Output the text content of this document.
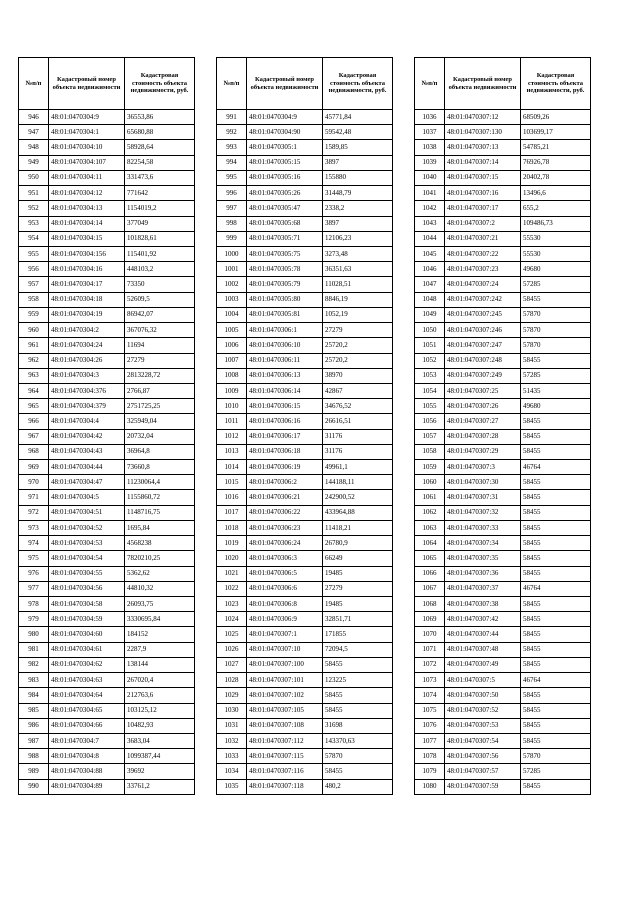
№п/п	Кадастровый номер объекта недвижимости	Кадастровая стоимость объекта недвижимости, руб.
946	48:01:0470304:9	36553,86
947	48:01:0470304:1	65680,88
948	48:01:0470304:10	58928,64
949	48:01:0470304:107	82254,58
950	48:01:0470304:11	331473,6
951	48:01:0470304:12	771642
952	48:01:0470304:13	1154019,2
953	48:01:0470304:14	377049
954	48:01:0470304:15	101828,61
955	48:01:0470304:156	115401,92
956	48:01:0470304:16	448103,2
957	48:01:0470304:17	73350
958	48:01:0470304:18	52609,5
959	48:01:0470304:19	86942,07
960	48:01:0470304:2	367076,32
961	48:01:0470304:24	11694
962	48:01:0470304:26	27279
963	48:01:0470304:3	2813228,72
964	48:01:0470304:376	2766,87
965	48:01:0470304:379	2751725,25
966	48:01:0470304:4	325949,04
967	48:01:0470304:42	20732,04
968	48:01:0470304:43	36964,8
969	48:01:0470304:44	73660,8
970	48:01:0470304:47	11230064,4
971	48:01:0470304:5	1155860,72
972	48:01:0470304:51	1148716,75
973	48:01:0470304:52	1695,84
974	48:01:0470304:53	4568238
975	48:01:0470304:54	7820210,25
976	48:01:0470304:55	5362,62
977	48:01:0470304:56	44810,32
978	48:01:0470304:58	26093,75
979	48:01:0470304:59	3330695,84
980	48:01:0470304:60	184152
981	48:01:0470304:61	2287,9
982	48:01:0470304:62	138144
983	48:01:0470304:63	267020,4
984	48:01:0470304:64	212763,6
985	48:01:0470304:65	103125,12
986	48:01:0470304:66	10482,93
987	48:01:0470304:7	3683,04
988	48:01:0470304:8	1099387,44
989	48:01:0470304:88	39692
990	48:01:0470304:89	33761,2
№п/п	Кадастровый номер объекта недвижимости	Кадастровая стоимость объекта недвижимости, руб.
991	48:01:0470304:9	45771,84
992	48:01:0470304:90	59542,48
993	48:01:0470305:1	1589,85
994	48:01:0470305:15	3897
995	48:01:0470305:16	155880
996	48:01:0470305:26	31448,79
997	48:01:0470305:47	2338,2
998	48:01:0470305:68	3897
999	48:01:0470305:71	12106,23
1000	48:01:0470305:75	3273,48
1001	48:01:0470305:78	36351,63
1002	48:01:0470305:79	11028,51
1003	48:01:0470305:80	8846,19
1004	48:01:0470305:81	1052,19
1005	48:01:0470306:1	27279
1006	48:01:0470306:10	25720,2
1007	48:01:0470306:11	25720,2
1008	48:01:0470306:13	38970
1009	48:01:0470306:14	42867
1010	48:01:0470306:15	34676,52
1011	48:01:0470306:16	26616,51
1012	48:01:0470306:17	31176
1013	48:01:0470306:18	31176
1014	48:01:0470306:19	49961,1
1015	48:01:0470306:2	144188,11
1016	48:01:0470306:21	242900,52
1017	48:01:0470306:22	433964,88
1018	48:01:0470306:23	11418,21
1019	48:01:0470306:24	26780,9
1020	48:01:0470306:3	66249
1021	48:01:0470306:5	19485
1022	48:01:0470306:6	27279
1023	48:01:0470306:8	19485
1024	48:01:0470306:9	32851,71
1025	48:01:0470307:1	171855
1026	48:01:0470307:10	72094,5
1027	48:01:0470307:100	58455
1028	48:01:0470307:101	123225
1029	48:01:0470307:102	58455
1030	48:01:0470307:105	58455
1031	48:01:0470307:108	31698
1032	48:01:0470307:112	143370,63
1033	48:01:0470307:115	57870
1034	48:01:0470307:116	58455
1035	48:01:0470307:118	480,2
№п/п	Кадастровый номер объекта недвижимости	Кадастровая стоимость объекта недвижимости, руб.
1036	48:01:0470307:12	68509,26
1037	48:01:0470307:130	103699,17
1038	48:01:0470307:13	54785,21
1039	48:01:0470307:14	76926,78
1040	48:01:0470307:15	20402,78
1041	48:01:0470307:16	13496,6
1042	48:01:0470307:17	655,2
1043	48:01:0470307:2	109486,73
1044	48:01:0470307:21	55530
1045	48:01:0470307:22	55530
1046	48:01:0470307:23	49680
1047	48:01:0470307:24	57285
1048	48:01:0470307:242	58455
1049	48:01:0470307:245	57870
1050	48:01:0470307:246	57870
1051	48:01:0470307:247	57870
1052	48:01:0470307:248	58455
1053	48:01:0470307:249	57285
1054	48:01:0470307:25	51435
1055	48:01:0470307:26	49680
1056	48:01:0470307:27	58455
1057	48:01:0470307:28	58455
1058	48:01:0470307:29	58455
1059	48:01:0470307:3	46764
1060	48:01:0470307:30	58455
1061	48:01:0470307:31	58455
1062	48:01:0470307:32	58455
1063	48:01:0470307:33	58455
1064	48:01:0470307:34	58455
1065	48:01:0470307:35	58455
1066	48:01:0470307:36	58455
1067	48:01:0470307:37	46764
1068	48:01:0470307:38	58455
1069	48:01:0470307:42	58455
1070	48:01:0470307:44	58455
1071	48:01:0470307:48	58455
1072	48:01:0470307:49	58455
1073	48:01:0470307:5	46764
1074	48:01:0470307:50	58455
1075	48:01:0470307:52	58455
1076	48:01:0470307:53	58455
1077	48:01:0470307:54	58455
1078	48:01:0470307:56	57870
1079	48:01:0470307:57	57285
1080	48:01:0470307:59	58455
